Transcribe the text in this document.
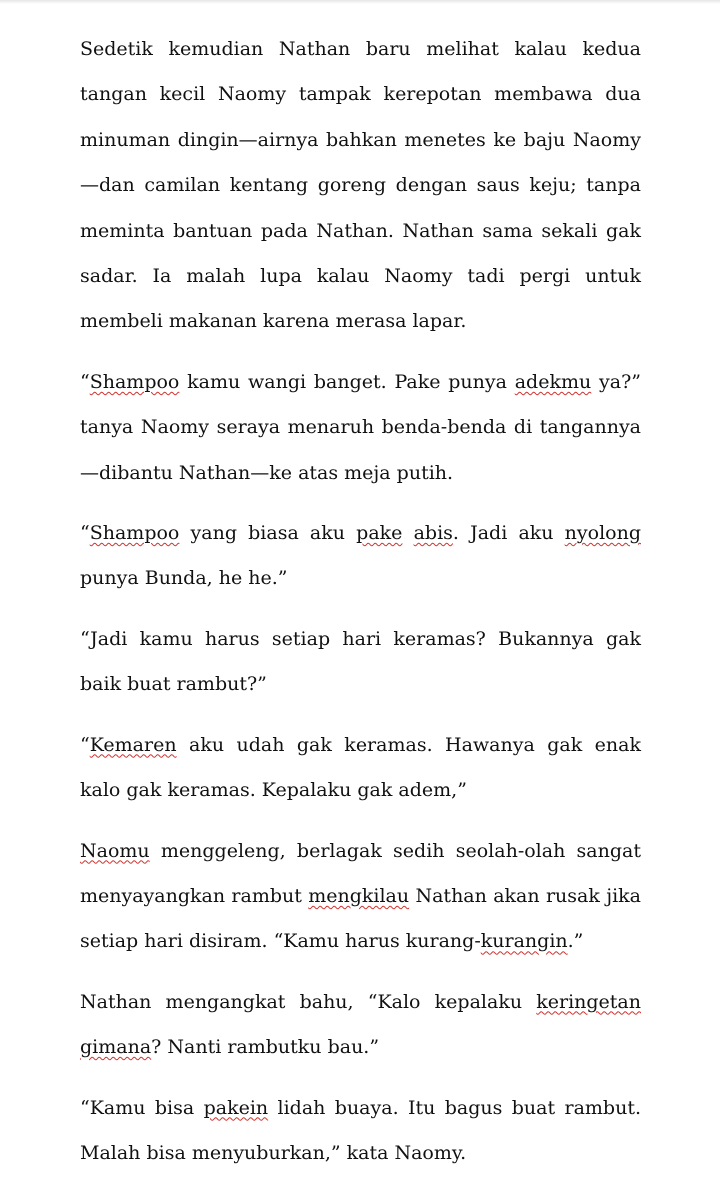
Sedetik kemudian Nathan baru melihat kalau kedua tangan kecil Naomy tampak kerepotan membawa dua minuman dingin—airnya bahkan menetes ke baju Naomy—dan camilan kentang goreng dengan saus keju; tanpa meminta bantuan pada Nathan. Nathan sama sekali gak sadar. Ia malah lupa kalau Naomy tadi pergi untuk membeli makanan karena merasa lapar.

“Shampoo kamu wangi banget. Pake punya adekmu ya?” tanya Naomy seraya menaruh benda-benda di tangannya—dibantu Nathan—ke atas meja putih.

“Shampoo yang biasa aku pake abis. Jadi aku nyolong punya Bunda, he he.”

“Jadi kamu harus setiap hari keramas? Bukannya gak baik buat rambut?”

“Kemaren aku udah gak keramas. Hawanya gak enak kalo gak keramas. Kepalaku gak adem,”

Naomu menggeleng, berlagak sedih seolah-olah sangat menyayangkan rambut mengkilau Nathan akan rusak jika setiap hari disiram. “Kamu harus kurang-kurangin.”

Nathan mengangkat bahu, “Kalo kepalaku keringetan gimana? Nanti rambutku bau.”

“Kamu bisa pakein lidah buaya. Itu bagus buat rambut. Malah bisa menyuburkan,” kata Naomy.
